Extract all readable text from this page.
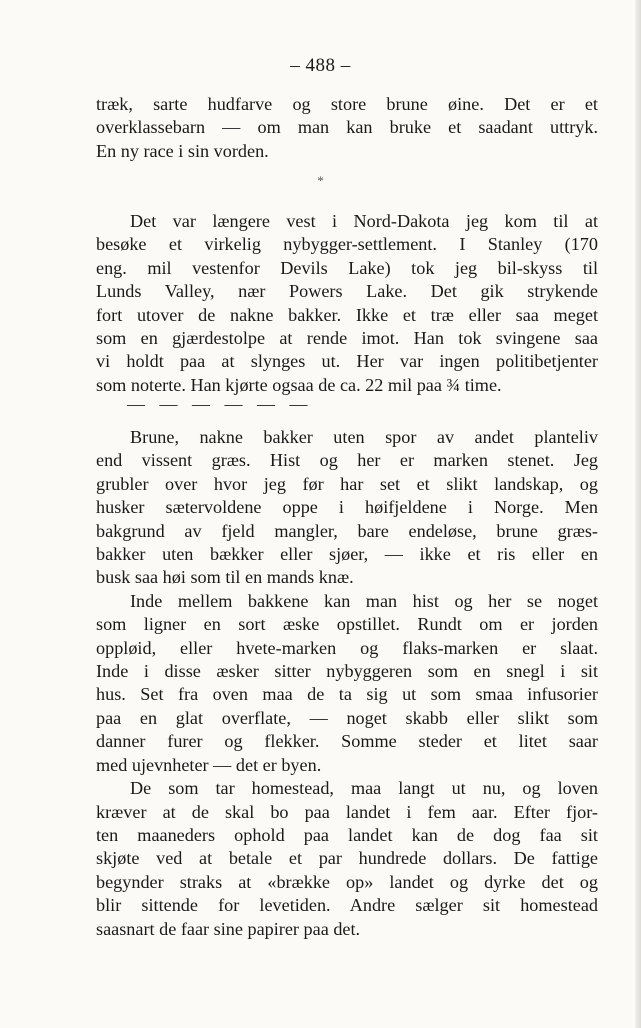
– 488 –

træk, sarte hudfarve og store brune øine. Det er et

overklassebarn — om man kan bruke et saadant uttryk.

En ny race i sin vorden.

*

Det var længere vest i Nord-Dakota jeg kom til at

besøke et virkelig nybygger-settlement. I Stanley (170

eng. mil vestenfor Devils Lake) tok jeg bil-skyss til

Lunds Valley, nær Powers Lake. Det gik strykende

fort utover de nakne bakker. Ikke et træ eller saa meget

som en gjærdestolpe at rende imot. Han tok svingene saa

vi holdt paa at slynges ut. Her var ingen politibetjenter

som noterte. Han kjørte ogsaa de ca. 22 mil paa ¾ time.

— — — — — —

Brune, nakne bakker uten spor av andet planteliv

end vissent græs. Hist og her er marken stenet. Jeg

grubler over hvor jeg før har set et slikt landskap, og

husker sætervoldene oppe i høifjeldene i Norge. Men

bakgrund av fjeld mangler, bare endeløse, brune græs-

bakker uten bækker eller sjøer, — ikke et ris eller en

busk saa høi som til en mands knæ.

Inde mellem bakkene kan man hist og her se noget

som ligner en sort æske opstillet. Rundt om er jorden

oppløid, eller hvete-marken og flaks-marken er slaat.

Inde i disse æsker sitter nybyggeren som en snegl i sit

hus. Set fra oven maa de ta sig ut som smaa infusorier

paa en glat overflate, — noget skabb eller slikt som

danner furer og flekker. Somme steder et litet saar

med ujevnheter — det er byen.

De som tar homestead, maa langt ut nu, og loven

kræver at de skal bo paa landet i fem aar. Efter fjor-

ten maaneders ophold paa landet kan de dog faa sit

skjøte ved at betale et par hundrede dollars. De fattige

begynder straks at «brække op» landet og dyrke det og

blir sittende for levetiden. Andre sælger sit homestead

saasnart de faar sine papirer paa det.
